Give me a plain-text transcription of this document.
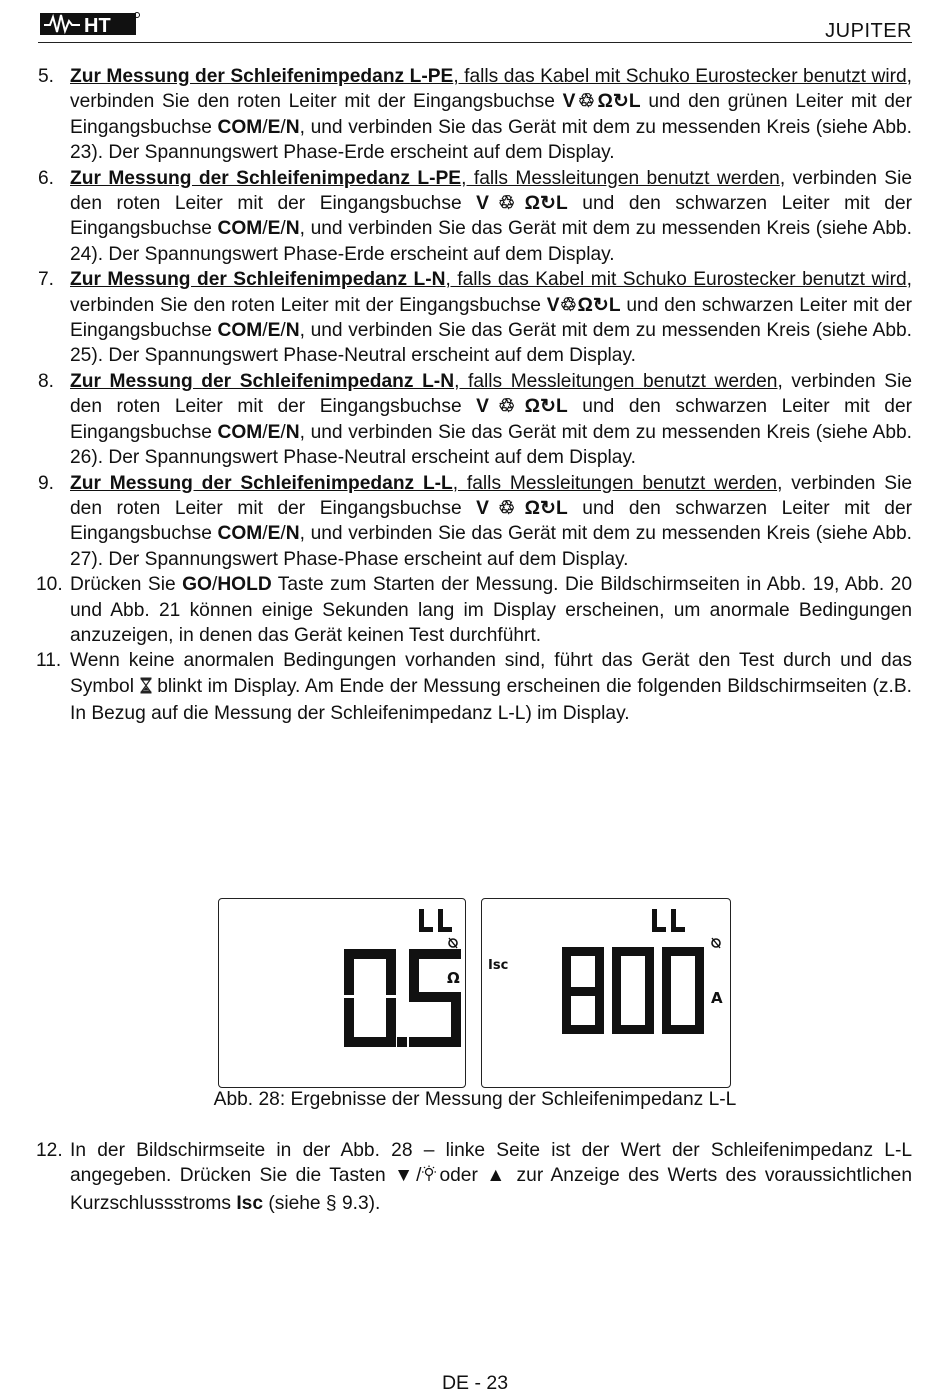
HT	JUPITER
5. Zur Messung der Schleifenimpedanz L-PE, falls das Kabel mit Schuko Eurostecker benutzt wird, verbinden Sie den roten Leiter mit der Eingangsbuchse V♲Ω↻L und den grünen Leiter mit der Eingangsbuchse COM/E/N, und verbinden Sie das Gerät mit dem zu messenden Kreis (siehe Abb. 23). Der Spannungswert Phase-Erde erscheint auf dem Display.
6. Zur Messung der Schleifenimpedanz L-PE, falls Messleitungen benutzt werden, verbinden Sie den roten Leiter mit der Eingangsbuchse V♲Ω↻L und den schwarzen Leiter mit der Eingangsbuchse COM/E/N, und verbinden Sie das Gerät mit dem zu messenden Kreis (siehe Abb. 24). Der Spannungswert Phase-Erde erscheint auf dem Display.
7. Zur Messung der Schleifenimpedanz L-N, falls das Kabel mit Schuko Eurostecker benutzt wird, verbinden Sie den roten Leiter mit der Eingangsbuchse V♲Ω↻L und den schwarzen Leiter mit der Eingangsbuchse COM/E/N, und verbinden Sie das Gerät mit dem zu messenden Kreis (siehe Abb. 25). Der Spannungswert Phase-Neutral erscheint auf dem Display.
8. Zur Messung der Schleifenimpedanz L-N, falls Messleitungen benutzt werden, verbinden Sie den roten Leiter mit der Eingangsbuchse V♲Ω↻L und den schwarzen Leiter mit der Eingangsbuchse COM/E/N, und verbinden Sie das Gerät mit dem zu messenden Kreis (siehe Abb. 26). Der Spannungswert Phase-Neutral erscheint auf dem Display.
9. Zur Messung der Schleifenimpedanz L-L, falls Messleitungen benutzt werden, verbinden Sie den roten Leiter mit der Eingangsbuchse V♲Ω↻L und den schwarzen Leiter mit der Eingangsbuchse COM/E/N, und verbinden Sie das Gerät mit dem zu messenden Kreis (siehe Abb. 27). Der Spannungswert Phase-Phase erscheint auf dem Display.
10. Drücken Sie GO/HOLD Taste zum Starten der Messung. Die Bildschirmseiten in Abb. 19, Abb. 20 und Abb. 21 können einige Sekunden lang im Display erscheinen, um anormale Bedingungen anzuzeigen, in denen das Gerät keinen Test durchführt.
11. Wenn keine anormalen Bedingungen vorhanden sind, führt das Gerät den Test durch und das Symbol  blinkt im Display. Am Ende der Messung erscheinen die folgenden Bildschirmseiten (z.B. In Bezug auf die Messung der Schleifenimpedanz L-L) im Display.
Ω
Isc
A
Abb. 28: Ergebnisse der Messung der Schleifenimpedanz L-L
12. In der Bildschirmseite in der Abb. 28 – linke Seite ist der Wert der Schleifenimpedanz L-L angegeben. Drücken Sie die Tasten ▼/ oder ▲ zur Anzeige des Werts des voraussichtlichen Kurzschlussstroms Isc (siehe § 9.3).
DE - 23
